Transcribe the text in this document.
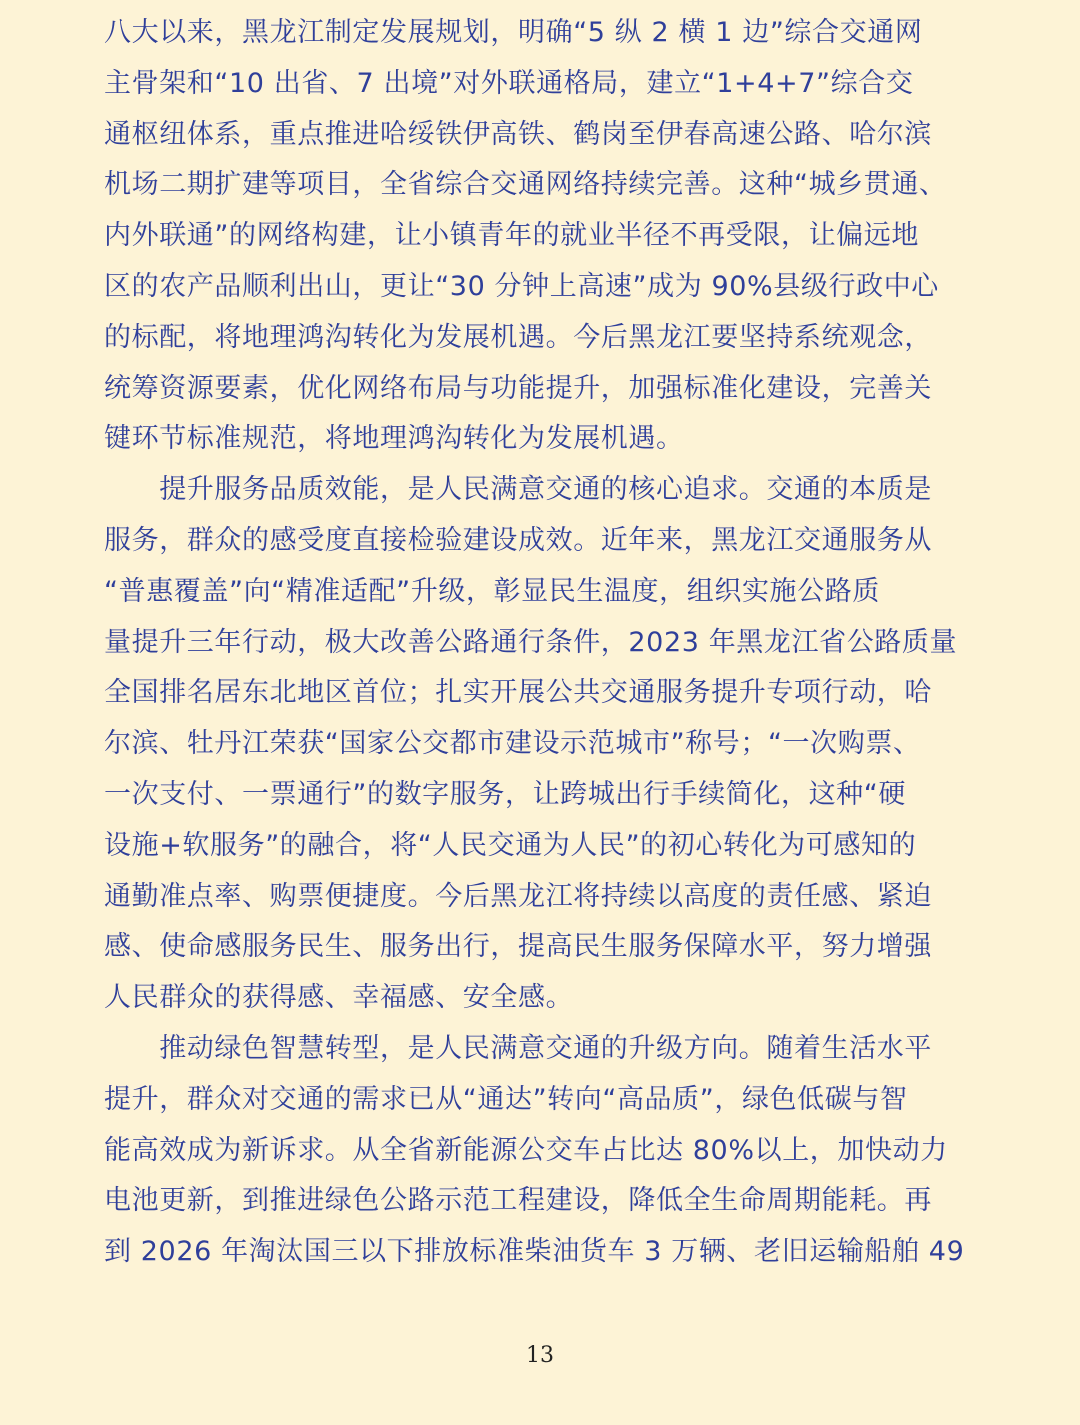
八大以来，黑龙江制定发展规划，明确“5 纵 2 横 1 边”综合交通网
主骨架和“10 出省、7 出境”对外联通格局，建立“1+4+7”综合交
通枢纽体系，重点推进哈绥铁伊高铁、鹤岗至伊春高速公路、哈尔滨
机场二期扩建等项目，全省综合交通网络持续完善。这种“城乡贯通、
内外联通”的网络构建，让小镇青年的就业半径不再受限，让偏远地
区的农产品顺利出山，更让“30 分钟上高速”成为 90%县级行政中心
的标配，将地理鸿沟转化为发展机遇。今后黑龙江要坚持系统观念，
统筹资源要素，优化网络布局与功能提升，加强标准化建设，完善关
键环节标准规范，将地理鸿沟转化为发展机遇。
　　提升服务品质效能，是人民满意交通的核心追求。交通的本质是
服务，群众的感受度直接检验建设成效。近年来，黑龙江交通服务从
“普惠覆盖”向“精准适配”升级，彰显民生温度，组织实施公路质
量提升三年行动，极大改善公路通行条件，2023 年黑龙江省公路质量
全国排名居东北地区首位；扎实开展公共交通服务提升专项行动，哈
尔滨、牡丹江荣获“国家公交都市建设示范城市”称号；“一次购票、
一次支付、一票通行”的数字服务，让跨城出行手续简化，这种“硬
设施+软服务”的融合，将“人民交通为人民”的初心转化为可感知的
通勤准点率、购票便捷度。今后黑龙江将持续以高度的责任感、紧迫
感、使命感服务民生、服务出行，提高民生服务保障水平，努力增强
人民群众的获得感、幸福感、安全感。
　　推动绿色智慧转型，是人民满意交通的升级方向。随着生活水平
提升，群众对交通的需求已从“通达”转向“高品质”，绿色低碳与智
能高效成为新诉求。从全省新能源公交车占比达 80%以上，加快动力
电池更新，到推进绿色公路示范工程建设，降低全生命周期能耗。再
到 2026 年淘汰国三以下排放标准柴油货车 3 万辆、老旧运输船舶 49
13
